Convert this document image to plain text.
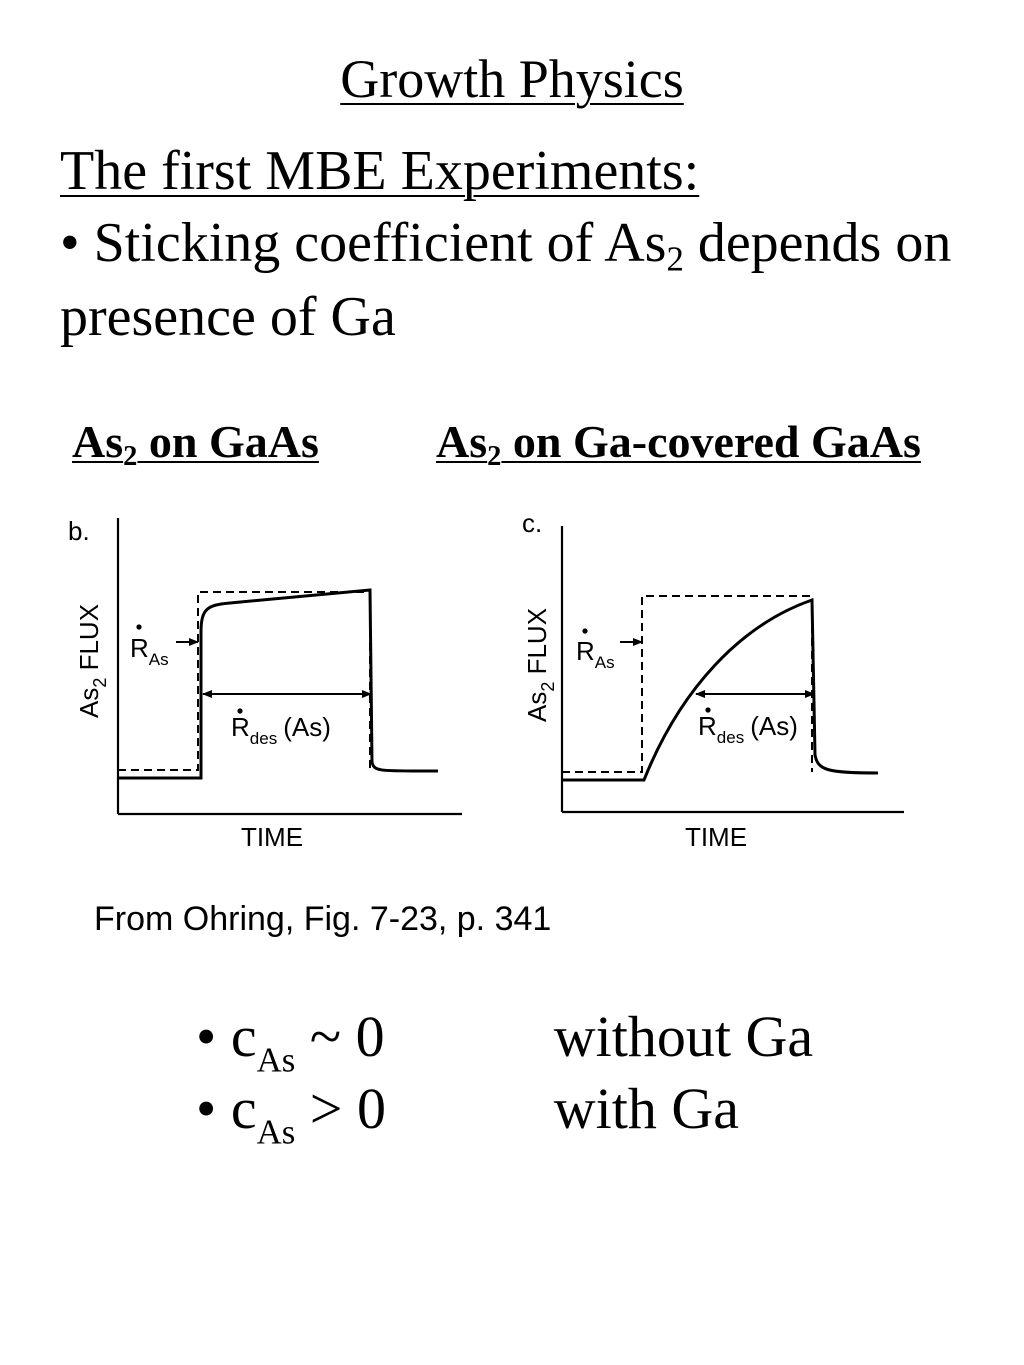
Growth Physics
The first MBE Experiments:
• Sticking coefficient of $As_2$ depends on presence of Ga
$As_2$ on GaAs	$As_2$ on Ga-covered GaAs
b.
$As_2$ FLUX
TIME
$R_{As}$
$R_{des}$ (As)
c.
$As_2$ FLUX
TIME
$R_{As}$
$R_{des}$ (As)
From Ohring, Fig. 7-23, p. 341
• $c_{As}$ ~ 0	without Ga
• $c_{As} > 0$	with Ga
